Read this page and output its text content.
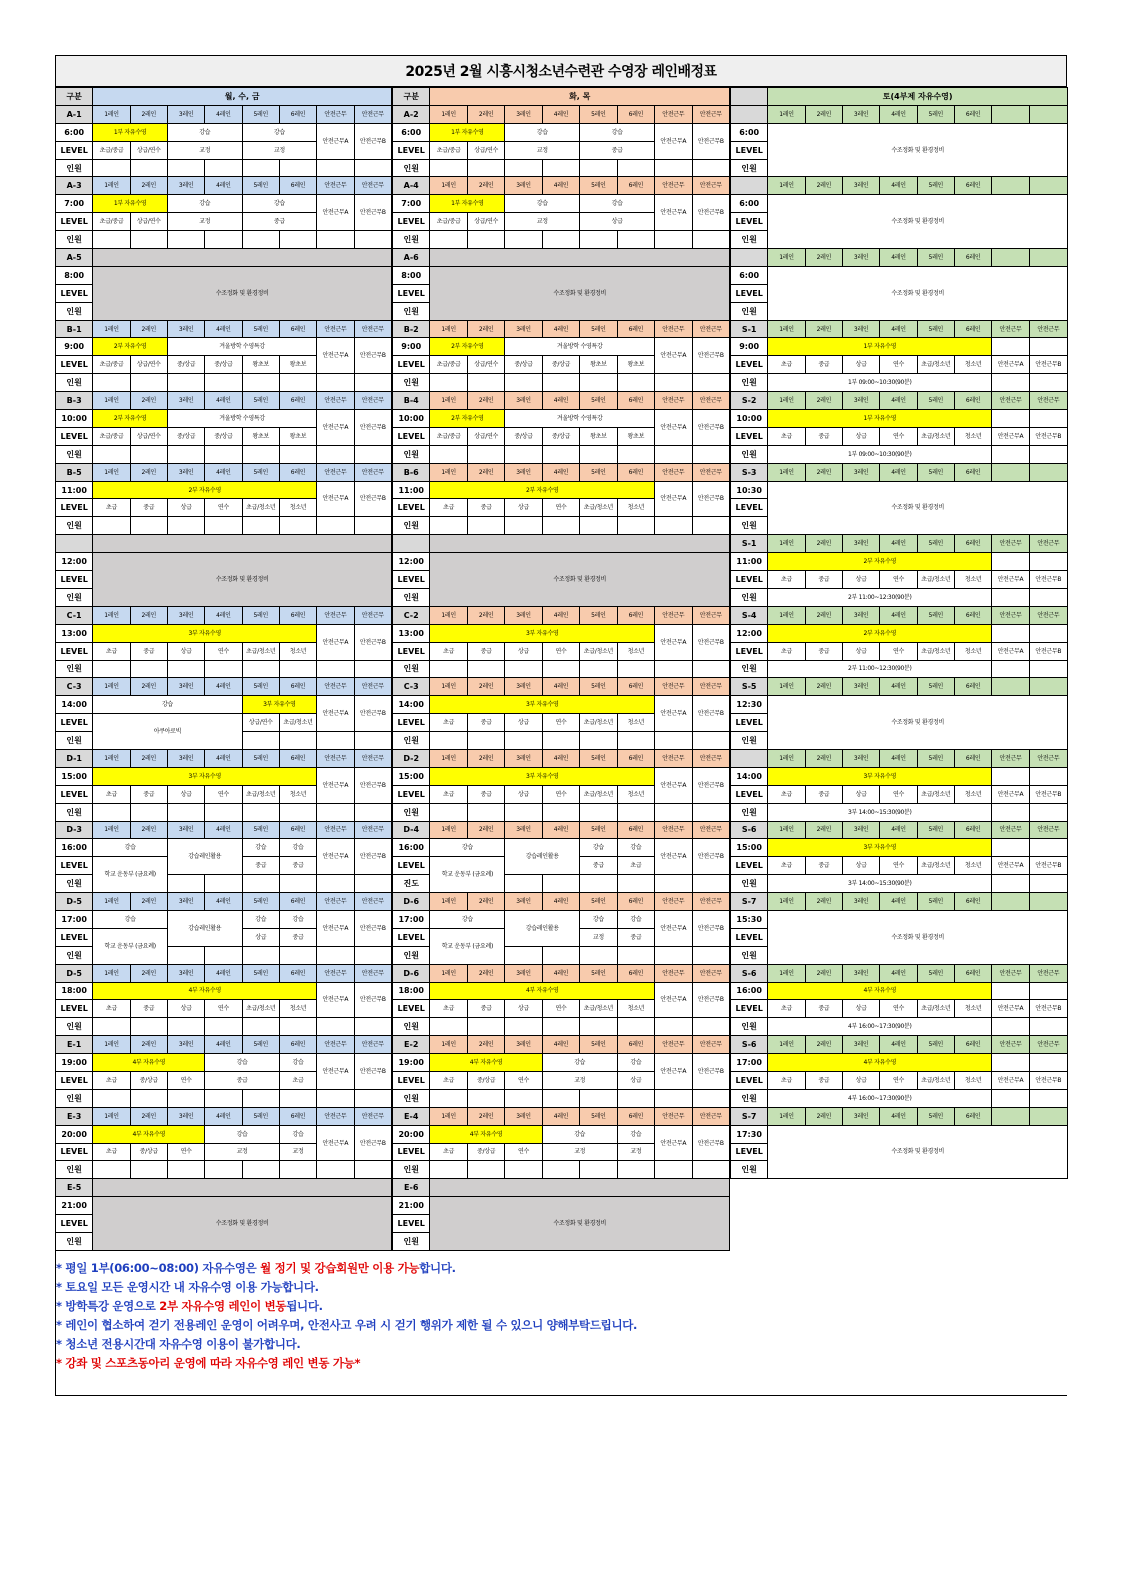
2025년 2월 시흥시청소년수련관 수영장 레인배정표
구분	월, 수, 금							
A-1	1레인	2레인	3레인	4레인	5레인	6레인	안전근무	안전근무
6:00	1부 자유수영		강습		강습		안전근무A	안전근무B
LEVEL	초급/중급	상급/연수	교정		교정			
인원								
A-3	1레인	2레인	3레인	4레인	5레인	6레인	안전근무	안전근무
7:00	1부 자유수영		강습		강습		안전근무A	안전근무B
LEVEL	초급/중급	상급/연수	교정		중급			
인원								
A-5								
8:00	수조정화 및 환경정비							
LEVEL								
인원								
B-1	1레인	2레인	3레인	4레인	5레인	6레인	안전근무	안전근무
9:00	2부 자유수영		겨울방학 수영특강				안전근무A	안전근무B
LEVEL	초급/중급	상급/연수	중/상급	중/상급	왕초보	왕초보		
인원								
B-3	1레인	2레인	3레인	4레인	5레인	6레인	안전근무	안전근무
10:00	2부 자유수영		겨울방학 수영특강				안전근무A	안전근무B
LEVEL	초급/중급	상급/연수	중/상급	중/상급	왕초보	왕초보		
인원								
B-5	1레인	2레인	3레인	4레인	5레인	6레인	안전근무	안전근무
11:00	2부 자유수영						안전근무A	안전근무B
LEVEL	초급	중급	상급	연수	초급/청소년	청소년		
인원								

12:00	수조정화 및 환경정비							
LEVEL								
인원								
C-1	1레인	2레인	3레인	4레인	5레인	6레인	안전근무	안전근무
13:00	3부 자유수영						안전근무A	안전근무B
LEVEL	초급	중급	상급	연수	초급/청소년	청소년		
인원								
C-3	1레인	2레인	3레인	4레인	5레인	6레인	안전근무	안전근무
14:00	강습				3부 자유수영		안전근무A	안전근무B
LEVEL	아쿠아로빅				상급/연수	초급/청소년		
인원								
D-1	1레인	2레인	3레인	4레인	5레인	6레인	안전근무	안전근무
15:00	3부 자유수영						안전근무A	안전근무B
LEVEL	초급	중급	상급	연수	초급/청소년	청소년		
인원								
D-3	1레인	2레인	3레인	4레인	5레인	6레인	안전근무	안전근무
16:00	강습		강습레인활용		강습	강습	안전근무A	안전근무B
LEVEL	학교 운동부 (금요례)				중급	중급		
인원								
D-5	1레인	2레인	3레인	4레인	5레인	6레인	안전근무	안전근무
17:00	강습		강습레인활용		강습	강습	안전근무A	안전근무B
LEVEL	학교 운동부 (금요례)				상급	중급		
인원								
D-5	1레인	2레인	3레인	4레인	5레인	6레인	안전근무	안전근무
18:00	4부 자유수영						안전근무A	안전근무B
LEVEL	초급	중급	상급	연수	초급/청소년	청소년		
인원								
E-1	1레인	2레인	3레인	4레인	5레인	6레인	안전근무	안전근무
19:00	4부 자유수영			강습		강습	안전근무A	안전근무B
LEVEL	초급	중/상급	연수	중급		초급		
인원								
E-3	1레인	2레인	3레인	4레인	5레인	6레인	안전근무	안전근무
20:00	4부 자유수영			강습		강습	안전근무A	안전근무B
LEVEL	초급	중/상급	연수	교정		교정		
인원								
E-5								
21:00	수조정화 및 환경정비							
LEVEL								
인원								
구분	화, 목							
A-2	1레인	2레인	3레인	4레인	5레인	6레인	안전근무	안전근무
6:00	1부 자유수영		강습		강습		안전근무A	안전근무B
LEVEL	초급/중급	상급/연수	교정		중급			
인원								
A-4	1레인	2레인	3레인	4레인	5레인	6레인	안전근무	안전근무
7:00	1부 자유수영		강습		강습		안전근무A	안전근무B
LEVEL	초급/중급	상급/연수	교정		상급			
인원								
A-6								
8:00	수조정화 및 환경정비							
LEVEL								
인원								
B-2	1레인	2레인	3레인	4레인	5레인	6레인	안전근무	안전근무
9:00	2부 자유수영		겨울방학 수영특강				안전근무A	안전근무B
LEVEL	초급/중급	상급/연수	중/상급	중/상급	왕초보	왕초보		
인원								
B-4	1레인	2레인	3레인	4레인	5레인	6레인	안전근무	안전근무
10:00	2부 자유수영		겨울방학 수영특강				안전근무A	안전근무B
LEVEL	초급/중급	상급/연수	중/상급	중/상급	왕초보	왕초보		
인원								
B-6	1레인	2레인	3레인	4레인	5레인	6레인	안전근무	안전근무
11:00	2부 자유수영						안전근무A	안전근무B
LEVEL	초급	중급	상급	연수	초급/청소년	청소년		
인원								

12:00	수조정화 및 환경정비							
LEVEL								
인원								
C-2	1레인	2레인	3레인	4레인	5레인	6레인	안전근무	안전근무
13:00	3부 자유수영						안전근무A	안전근무B
LEVEL	초급	중급	상급	연수	초급/청소년	청소년		
인원								
C-3	1레인	2레인	3레인	4레인	5레인	6레인	안전근무	안전근무
14:00	3부 자유수영						안전근무A	안전근무B
LEVEL	초급	중급	상급	연수	초급/청소년	청소년		
인원								
D-2	1레인	2레인	3레인	4레인	5레인	6레인	안전근무	안전근무
15:00	3부 자유수영						안전근무A	안전근무B
LEVEL	초급	중급	상급	연수	초급/청소년	청소년		
인원								
D-4	1레인	2레인	3레인	4레인	5레인	6레인	안전근무	안전근무
16:00	강습		강습레인활용		강습	강습	안전근무A	안전근무B
LEVEL	학교 운동부 (금요례)				중급	초급		
진도								
D-6	1레인	2레인	3레인	4레인	5레인	6레인	안전근무	안전근무
17:00	강습		강습레인활용		강습	강습	안전근무A	안전근무B
LEVEL	학교 운동부 (금요례)				교정	중급		
인원								
D-6	1레인	2레인	3레인	4레인	5레인	6레인	안전근무	안전근무
18:00	4부 자유수영						안전근무A	안전근무B
LEVEL	초급	중급	상급	연수	초급/청소년	청소년		
인원								
E-2	1레인	2레인	3레인	4레인	5레인	6레인	안전근무	안전근무
19:00	4부 자유수영			강습		강습	안전근무A	안전근무B
LEVEL	초급	중/상급	연수	교정		상급		
인원								
E-4	1레인	2레인	3레인	4레인	5레인	6레인	안전근무	안전근무
20:00	4부 자유수영			강습		강습	안전근무A	안전근무B
LEVEL	초급	중/상급	연수	교정		교정		
인원								
E-6								
21:00	수조정화 및 환경정비							
LEVEL								
인원								
	토(4부제 자유수영)							
	1레인	2레인	3레인	4레인	5레인	6레인		
6:00	수조정화 및 환경정비							
LEVEL								
인원								
	1레인	2레인	3레인	4레인	5레인	6레인		
6:00	수조정화 및 환경정비							
LEVEL								
인원								
	1레인	2레인	3레인	4레인	5레인	6레인		
6:00	수조정화 및 환경정비							
LEVEL								
인원								
S-1	1레인	2레인	3레인	4레인	5레인	6레인	안전근무	안전근무
9:00	1부 자유수영							
LEVEL	초급	중급	상급	연수	초급/청소년	청소년	안전근무A	안전근무B
인원	1부 09:00~10:30(90분)							
S-2	1레인	2레인	3레인	4레인	5레인	6레인	안전근무	안전근무
10:00	1부 자유수영							
LEVEL	초급	중급	상급	연수	초급/청소년	청소년	안전근무A	안전근무B
인원	1부 09:00~10:30(90분)							
S-3	1레인	2레인	3레인	4레인	5레인	6레인		
10:30	수조정화 및 환경정비							
LEVEL								
인원								
S-1	1레인	2레인	3레인	4레인	5레인	6레인	안전근무	안전근무
11:00	2부 자유수영							
LEVEL	초급	중급	상급	연수	초급/청소년	청소년	안전근무A	안전근무B
인원	2부 11:00~12:30(90분)							
S-4	1레인	2레인	3레인	4레인	5레인	6레인	안전근무	안전근무
12:00	2부 자유수영							
LEVEL	초급	중급	상급	연수	초급/청소년	청소년	안전근무A	안전근무B
인원	2부 11:00~12:30(90분)							
S-5	1레인	2레인	3레인	4레인	5레인	6레인		
12:30	수조정화 및 환경정비							
LEVEL								
인원								
	1레인	2레인	3레인	4레인	5레인	6레인	안전근무	안전근무
14:00	3부 자유수영							
LEVEL	초급	중급	상급	연수	초급/청소년	청소년	안전근무A	안전근무B
인원	3부 14:00~15:30(90분)							
S-6	1레인	2레인	3레인	4레인	5레인	6레인	안전근무	안전근무
15:00	3부 자유수영							
LEVEL	초급	중급	상급	연수	초급/청소년	청소년	안전근무A	안전근무B
인원	3부 14:00~15:30(90분)							
S-7	1레인	2레인	3레인	4레인	5레인	6레인		
15:30	수조정화 및 환경정비							
LEVEL								
인원								
S-6	1레인	2레인	3레인	4레인	5레인	6레인	안전근무	안전근무
16:00	4부 자유수영							
LEVEL	초급	중급	상급	연수	초급/청소년	청소년	안전근무A	안전근무B
인원	4부 16:00~17:30(90분)							
S-6	1레인	2레인	3레인	4레인	5레인	6레인	안전근무	안전근무
17:00	4부 자유수영							
LEVEL	초급	중급	상급	연수	초급/청소년	청소년	안전근무A	안전근무B
인원	4부 16:00~17:30(90분)							
S-7	1레인	2레인	3레인	4레인	5레인	6레인		
17:30	수조정화 및 환경정비							
LEVEL								
인원								
* 평일 1부(06:00~08:00) 자유수영은 월 정기 및 강습회원만 이용 가능합니다.
* 토요일 모든 운영시간 내 자유수영 이용 가능합니다.
* 방학특강 운영으로 2부 자유수영 레인이 변동됩니다.
* 레인이 협소하여 걷기 전용레인 운영이 어려우며, 안전사고 우려 시 걷기 행위가 제한 될 수 있으니 양해부탁드립니다.
* 청소년 전용시간대 자유수영 이용이 불가합니다.
* 강좌 및 스포츠동아리 운영에 따라 자유수영 레인 변동 가능*
